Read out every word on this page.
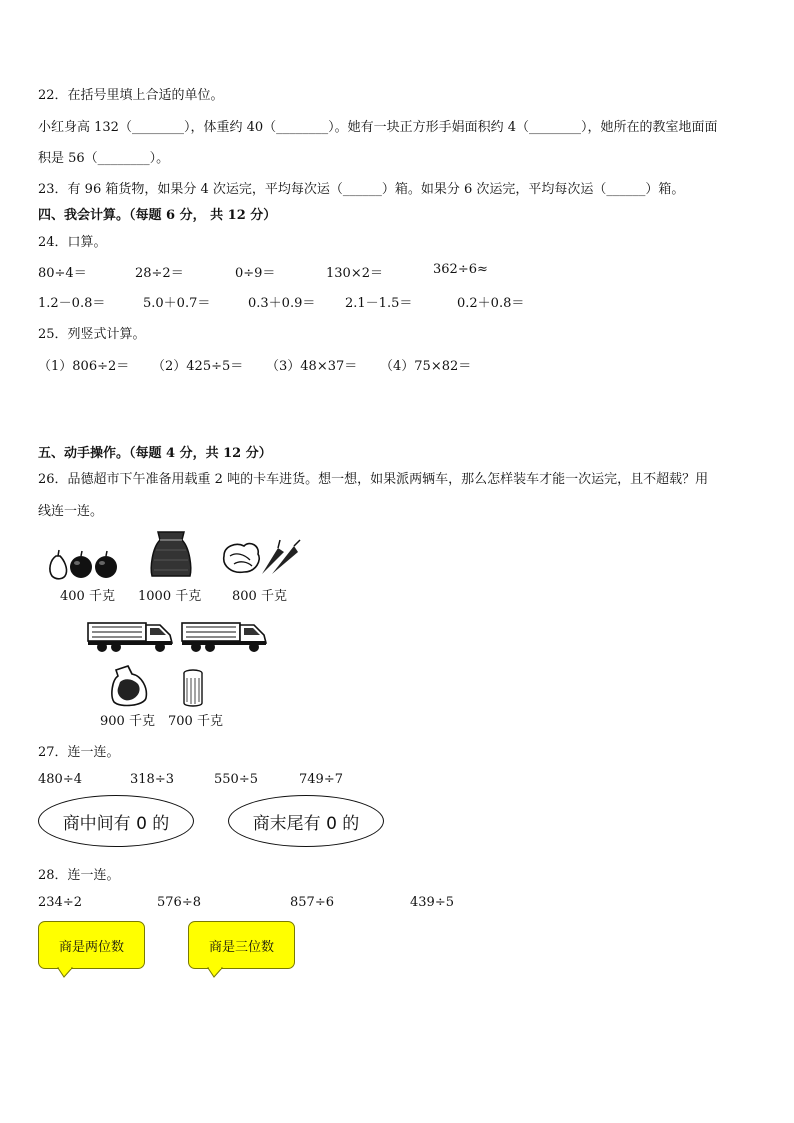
22．在括号里填上合适的单位。
小红身高 132（________），体重约 40（________）。她有一块正方形手娟面积约 4（________），她所在的教室地面面
积是 56（________）。
23．有 96 箱货物，如果分 4 次运完，平均每次运（______）箱。如果分 6 次运完，平均每次运（______）箱。
四、我会计算。（每题 6 分， 共 12 分）
24．口算。
80÷4＝	28÷2＝	0÷9＝	130×2＝	362÷6≈
1.2－0.8＝	5.0＋0.7＝	0.3＋0.9＝ 2.1－1.5＝	0.2＋0.8＝
25．列竖式计算。
（1）806÷2＝ （2）425÷5＝ （3）48×37＝ （4）75×82＝
五、动手操作。（每题 4 分，共 12 分）
26．品德超市下午准备用载重 2 吨的卡车进货。想一想，如果派两辆车，那么怎样装车才能一次运完，且不超载？用
线连一连。
400 千克 1000 千克 800 千克
900 千克 700 千克
27．连一连。
480÷4	318÷3	550÷5	749÷7
商中间有 0 的	商末尾有 0 的
28．连一连。
234÷2	576÷8	857÷6	439÷5
商是两位数	商是三位数
